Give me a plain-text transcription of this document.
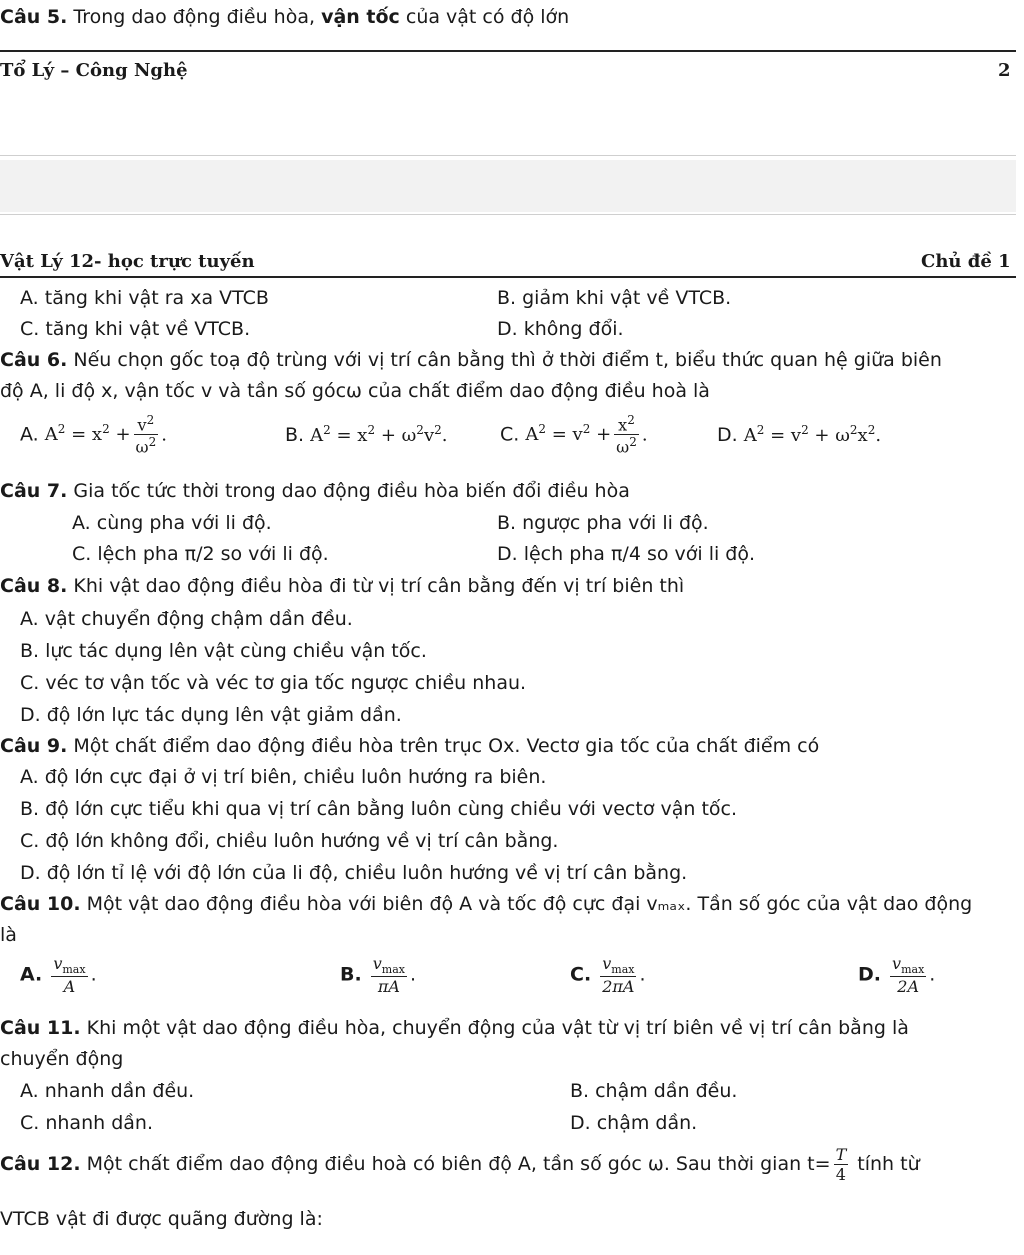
Câu 5. Trong dao động điều hòa, vận tốc của vật có độ lớn
Tổ Lý – Công Nghệ	2
Vật Lý 12- học trực tuyến	Chủ đề 1
A. tăng khi vật ra xa VTCB	B. giảm khi vật về VTCB.
C. tăng khi vật về VTCB.	D. không đổi.
Câu 6. Nếu chọn gốc toạ độ trùng với vị trí cân bằng thì ở thời điểm t, biểu thức quan hệ giữa biên
độ A, li độ x, vận tốc v và tần số gócω của chất điểm dao động điều hoà là
A. $A^2 = x^2 + \frac{v^2}{\omega^2}$ .	B. $A^2 = x^2 + \omega^2v^2$.	C. $A^2 = v^2 + \frac{x^2}{\omega^2}$ .	D. $A^2 = v^2 + \omega^2x^2$.
Câu 7. Gia tốc tức thời trong dao động điều hòa biến đổi điều hòa
A. cùng pha với li độ.	B. ngược pha với li độ.
C. lệch pha π/2 so với li độ.	D. lệch pha π/4 so với li độ.
Câu 8. Khi vật dao động điều hòa đi từ vị trí cân bằng đến vị trí biên thì
A. vật chuyển động chậm dần đều.
B. lực tác dụng lên vật cùng chiều vận tốc.
C. véc tơ vận tốc và véc tơ gia tốc ngược chiều nhau.
D. độ lớn lực tác dụng lên vật giảm dần.
Câu 9. Một chất điểm dao động điều hòa trên trục Ox. Vectơ gia tốc của chất điểm có
A. độ lớn cực đại ở vị trí biên, chiều luôn hướng ra biên.
B. độ lớn cực tiểu khi qua vị trí cân bằng luôn cùng chiều với vectơ vận tốc.
C. độ lớn không đổi, chiều luôn hướng về vị trí cân bằng.
D. độ lớn tỉ lệ với độ lớn của li độ, chiều luôn hướng về vị trí cân bằng.
Câu 10. Một vật dao động điều hòa với biên độ A và tốc độ cực đại vₘₐₓ. Tần số góc của vật dao động
là
A. $\frac{v_{max}}{A}$ .	B. $\frac{v_{max}}{\pi A}$ .	C. $\frac{v_{max}}{2\pi A}$ .	D. $\frac{v_{max}}{2A}$ .
Câu 11. Khi một vật dao động điều hòa, chuyển động của vật từ vị trí biên về vị trí cân bằng là
chuyển động
A. nhanh dần đều.	B. chậm dần đều.
C. nhanh dần.	D. chậm dần.
Câu 12. Một chất điểm dao động điều hoà có biên độ A, tần số góc ω. Sau thời gian $t= \frac{T}{4}$ tính từ
VTCB vật đi được quãng đường là:
